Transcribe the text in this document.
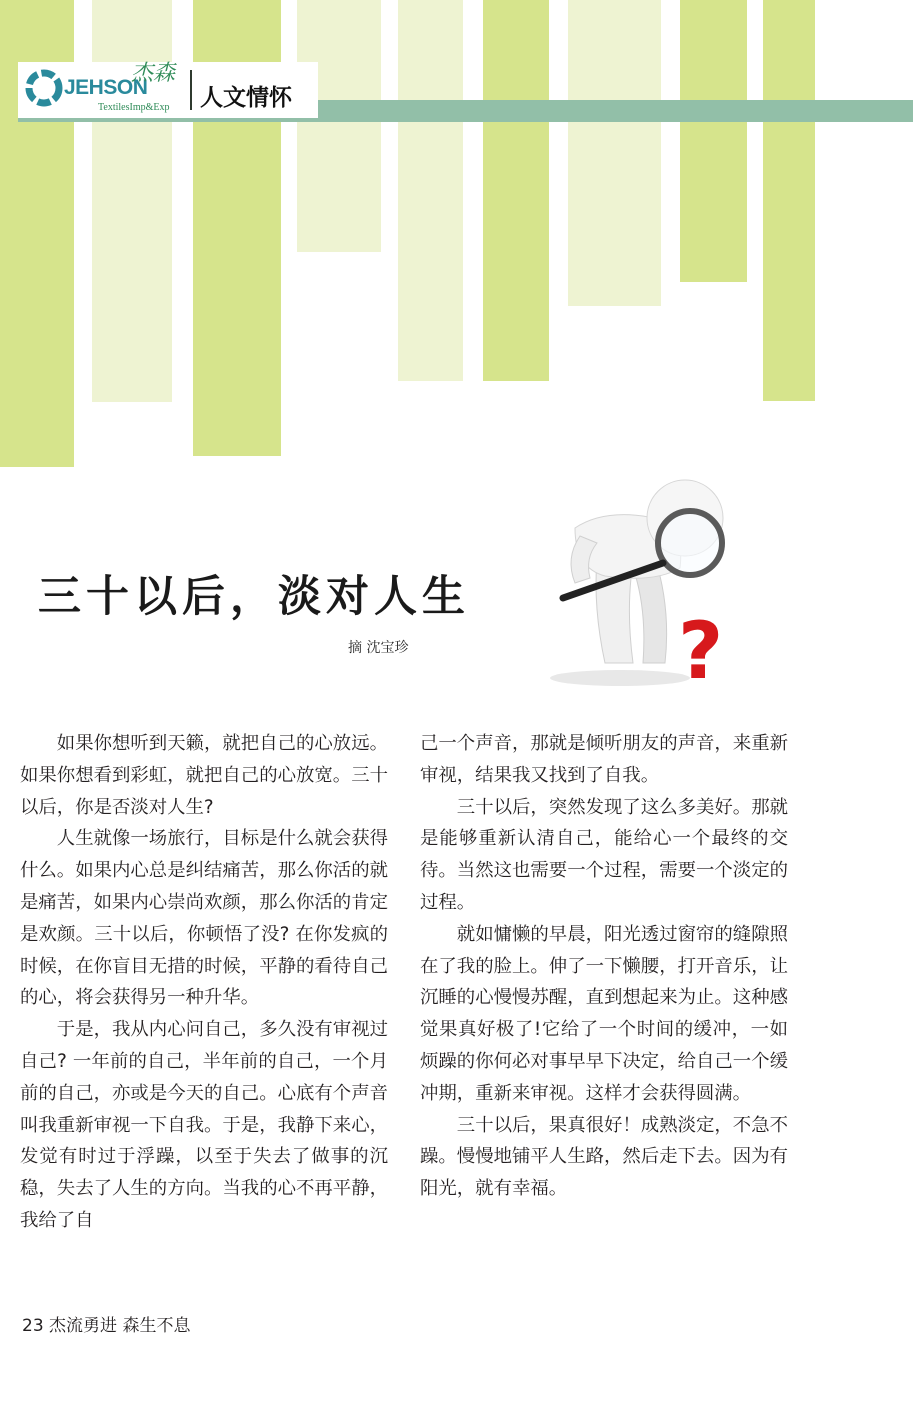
JEHSON
杰森
TextilesImp&Exp 人文情怀
三十以后，淡对人生
摘 沈宝珍	?

如果你想听到天籁，就把自己的心放远。如果你想看到彩虹，就把自己的心放宽。三十以后，你是否淡对人生?

人生就像一场旅行，目标是什么就会获得什么。如果内心总是纠结痛苦，那么你活的就是痛苦，如果内心崇尚欢颜，那么你活的肯定是欢颜。三十以后，你顿悟了没? 在你发疯的时候，在你盲目无措的时候，平静的看待自己的心，将会获得另一种升华。

于是，我从内心问自己，多久没有审视过自己? 一年前的自己，半年前的自己，一个月前的自己，亦或是今天的自己。心底有个声音叫我重新审视一下自我。于是，我静下来心，发觉有时过于浮躁，以至于失去了做事的沉稳，失去了人生的方向。当我的心不再平静，我给了自

己一个声音，那就是倾听朋友的声音，来重新审视，结果我又找到了自我。

三十以后，突然发现了这么多美好。那就是能够重新认清自己，能给心一个最终的交待。当然这也需要一个过程，需要一个淡定的过程。

就如慵懒的早晨，阳光透过窗帘的缝隙照在了我的脸上。伸了一下懒腰，打开音乐，让沉睡的心慢慢苏醒，直到想起来为止。这种感觉果真好极了!它给了一个时间的缓冲，一如烦躁的你何必对事早早下决定，给自己一个缓冲期，重新来审视。这样才会获得圆满。

三十以后，果真很好！成熟淡定，不急不躁。慢慢地铺平人生路，然后走下去。因为有阳光，就有幸福。

23 杰流勇进 森生不息
